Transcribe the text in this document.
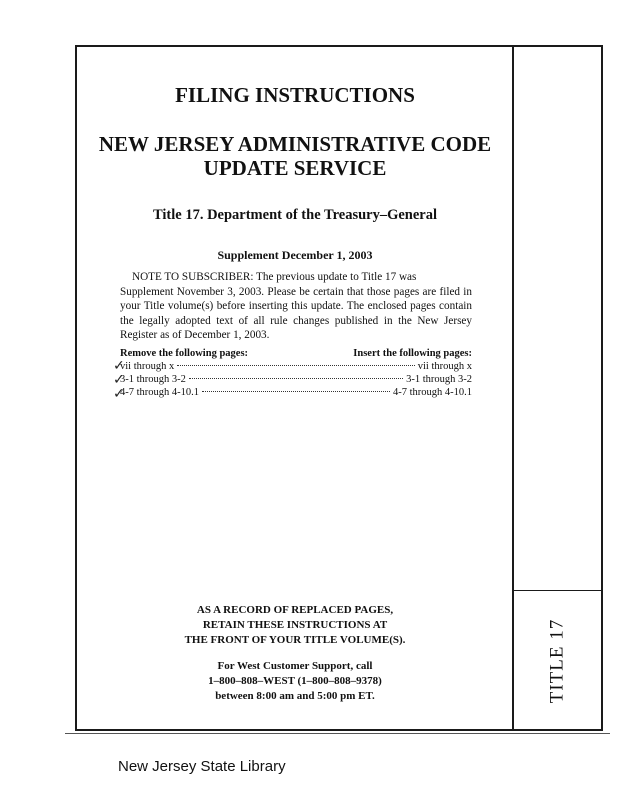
TITLE 17
FILING INSTRUCTIONS
NEW JERSEY ADMINISTRATIVE CODE
UPDATE SERVICE
Title 17. Department of the Treasury–General
Supplement December 1, 2003
NOTE TO SUBSCRIBER: The previous update to Title 17 was
Supplement November 3, 2003. Please be certain that those pages are filed in your Title volume(s) before inserting this update. The enclosed pages contain the legally adopted text of all rule changes published in the New Jersey Register as of December 1, 2003.
Remove the following pages:	Insert the following pages:
vii through x	vii through x
3-1 through 3-2	3-1 through 3-2
4-7 through 4-10.1	4-7 through 4-10.1
✓
✓
✓
AS A RECORD OF REPLACED PAGES,
RETAIN THESE INSTRUCTIONS AT
THE FRONT OF YOUR TITLE VOLUME(S).
For West Customer Support, call
1–800–808–WEST (1–800–808–9378)
between 8:00 am and 5:00 pm ET.
New Jersey State Library
